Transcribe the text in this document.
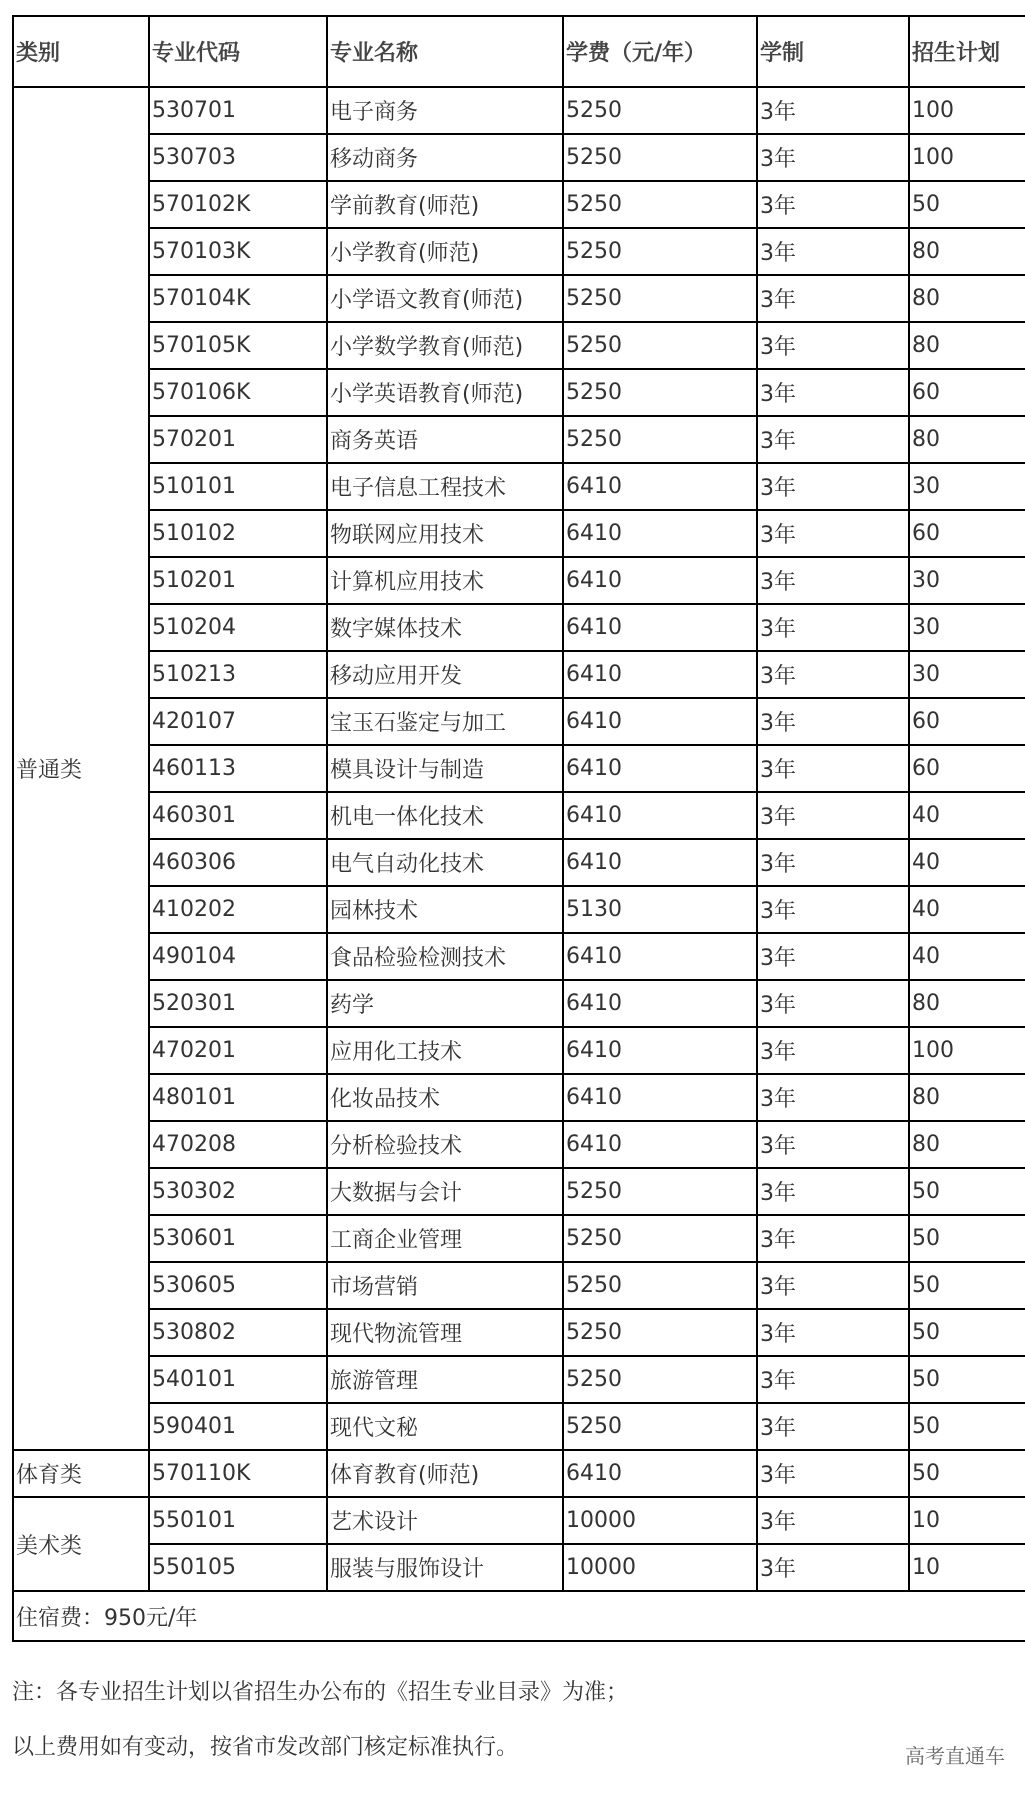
类别	专业代码	专业名称	学费（元/年）	学制	招生计划
普通类	530701	电子商务	5250	3年	100
	530703	移动商务	5250	3年	100
	570102K	学前教育(师范)	5250	3年	50
	570103K	小学教育(师范)	5250	3年	80
	570104K	小学语文教育(师范)	5250	3年	80
	570105K	小学数学教育(师范)	5250	3年	80
	570106K	小学英语教育(师范)	5250	3年	60
	570201	商务英语	5250	3年	80
	510101	电子信息工程技术	6410	3年	30
	510102	物联网应用技术	6410	3年	60
	510201	计算机应用技术	6410	3年	30
	510204	数字媒体技术	6410	3年	30
	510213	移动应用开发	6410	3年	30
	420107	宝玉石鉴定与加工	6410	3年	60
	460113	模具设计与制造	6410	3年	60
	460301	机电一体化技术	6410	3年	40
	460306	电气自动化技术	6410	3年	40
	410202	园林技术	5130	3年	40
	490104	食品检验检测技术	6410	3年	40
	520301	药学	6410	3年	80
	470201	应用化工技术	6410	3年	100
	480101	化妆品技术	6410	3年	80
	470208	分析检验技术	6410	3年	80
	530302	大数据与会计	5250	3年	50
	530601	工商企业管理	5250	3年	50
	530605	市场营销	5250	3年	50
	530802	现代物流管理	5250	3年	50
	540101	旅游管理	5250	3年	50
	590401	现代文秘	5250	3年	50
体育类	570110K	体育教育(师范)	6410	3年	50
美术类	550101	艺术设计	10000	3年	10
	550105	服装与服饰设计	10000	3年	10
住宿费：950元/年					
注：各专业招生计划以省招生办公布的《招生专业目录》为准；
以上费用如有变动，按省市发改部门核定标准执行。	高考直通车
